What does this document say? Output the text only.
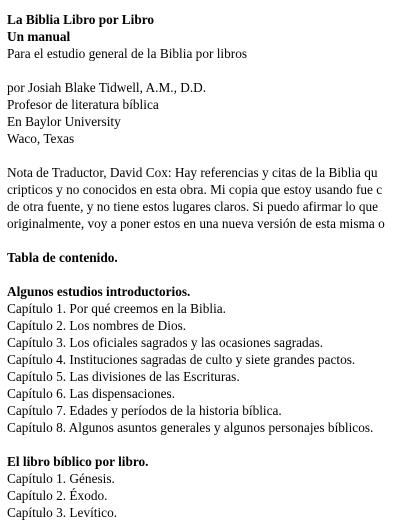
La Biblia Libro por Libro
Un manual
Para el estudio general de la Biblia por libros
por Josiah Blake Tidwell, A.M., D.D.
Profesor de literatura bíblica
En Baylor University
Waco, Texas
Nota de Traductor, David Cox: Hay referencias y citas de la Biblia qu
cripticos y no conocidos en esta obra. Mi copia que estoy usando fue c
de otra fuente, y no tiene estos lugares claros. Si puedo afirmar lo que
originalmente, voy a poner estos en una nueva versión de esta misma o
Tabla de contenido.
Algunos estudios introductorios.
Capítulo 1. Por qué creemos en la Biblia.
Capítulo 2. Los nombres de Dios.
Capítulo 3. Los oficiales sagrados y las ocasiones sagradas.
Capítulo 4. Instituciones sagradas de culto y siete grandes pactos.
Capítulo 5. Las divisiones de las Escrituras.
Capítulo 6. Las dispensaciones.
Capítulo 7. Edades y períodos de la historia bíblica.
Capítulo 8. Algunos asuntos generales y algunos personajes bíblicos.
El libro bíblico por libro.
Capítulo 1. Génesis.
Capítulo 2. Éxodo.
Capítulo 3. Levítico.
